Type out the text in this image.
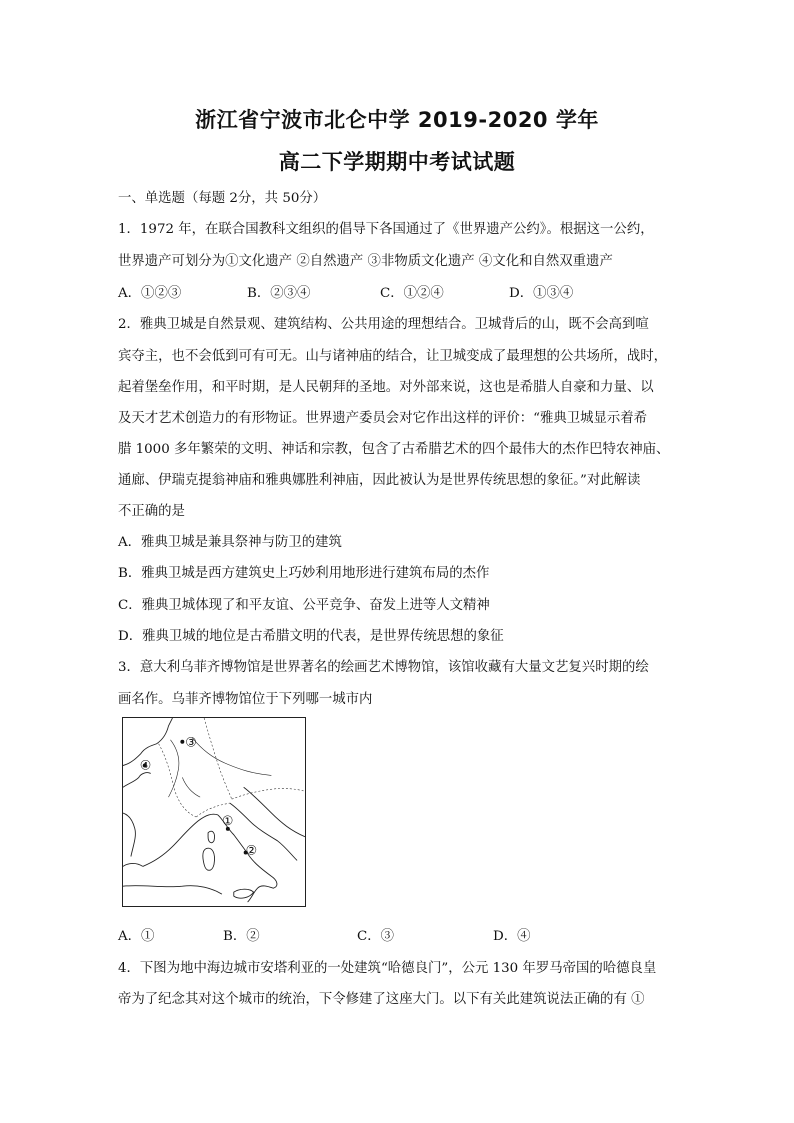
浙江省宁波市北仑中学 2019-2020 学年
高二下学期期中考试试题
一、单选题（每题 2分，共 50分）
1．1972 年，在联合国教科文组织的倡导下各国通过了《世界遗产公约》。根据这一公约，
世界遗产可划分为①文化遗产 ②自然遗产 ③非物质文化遗产 ④文化和自然双重遗产
A．①②③	B．②③④	C．①②④	D．①③④
2．雅典卫城是自然景观、建筑结构、公共用途的理想结合。卫城背后的山，既不会高到喧
宾夺主，也不会低到可有可无。山与诸神庙的结合，让卫城变成了最理想的公共场所，战时，
起着堡垒作用，和平时期，是人民朝拜的圣地。对外部来说，这也是希腊人自豪和力量、以
及天才艺术创造力的有形物证。世界遗产委员会对它作出这样的评价：“雅典卫城显示着希
腊 1000 多年繁荣的文明、神话和宗教，包含了古希腊艺术的四个最伟大的杰作巴特农神庙、
通廊、伊瑞克提翁神庙和雅典娜胜利神庙，因此被认为是世界传统思想的象征。”对此解读
不正确的是
A．雅典卫城是兼具祭神与防卫的建筑
B．雅典卫城是西方建筑史上巧妙利用地形进行建筑布局的杰作
C．雅典卫城体现了和平友谊、公平竞争、奋发上进等人文精神
D．雅典卫城的地位是古希腊文明的代表，是世界传统思想的象征
3．意大利乌菲齐博物馆是世界著名的绘画艺术博物馆，该馆收藏有大量文艺复兴时期的绘
画名作。乌菲齐博物馆位于下列哪一城市内
③
④
①
②
A．①	B．②	C．③	D．④
4．下图为地中海边城市安塔利亚的一处建筑“哈德良门”，公元 130 年罗马帝国的哈德良皇
帝为了纪念其对这个城市的统治，下令修建了这座大门。以下有关此建筑说法正确的有 ①
